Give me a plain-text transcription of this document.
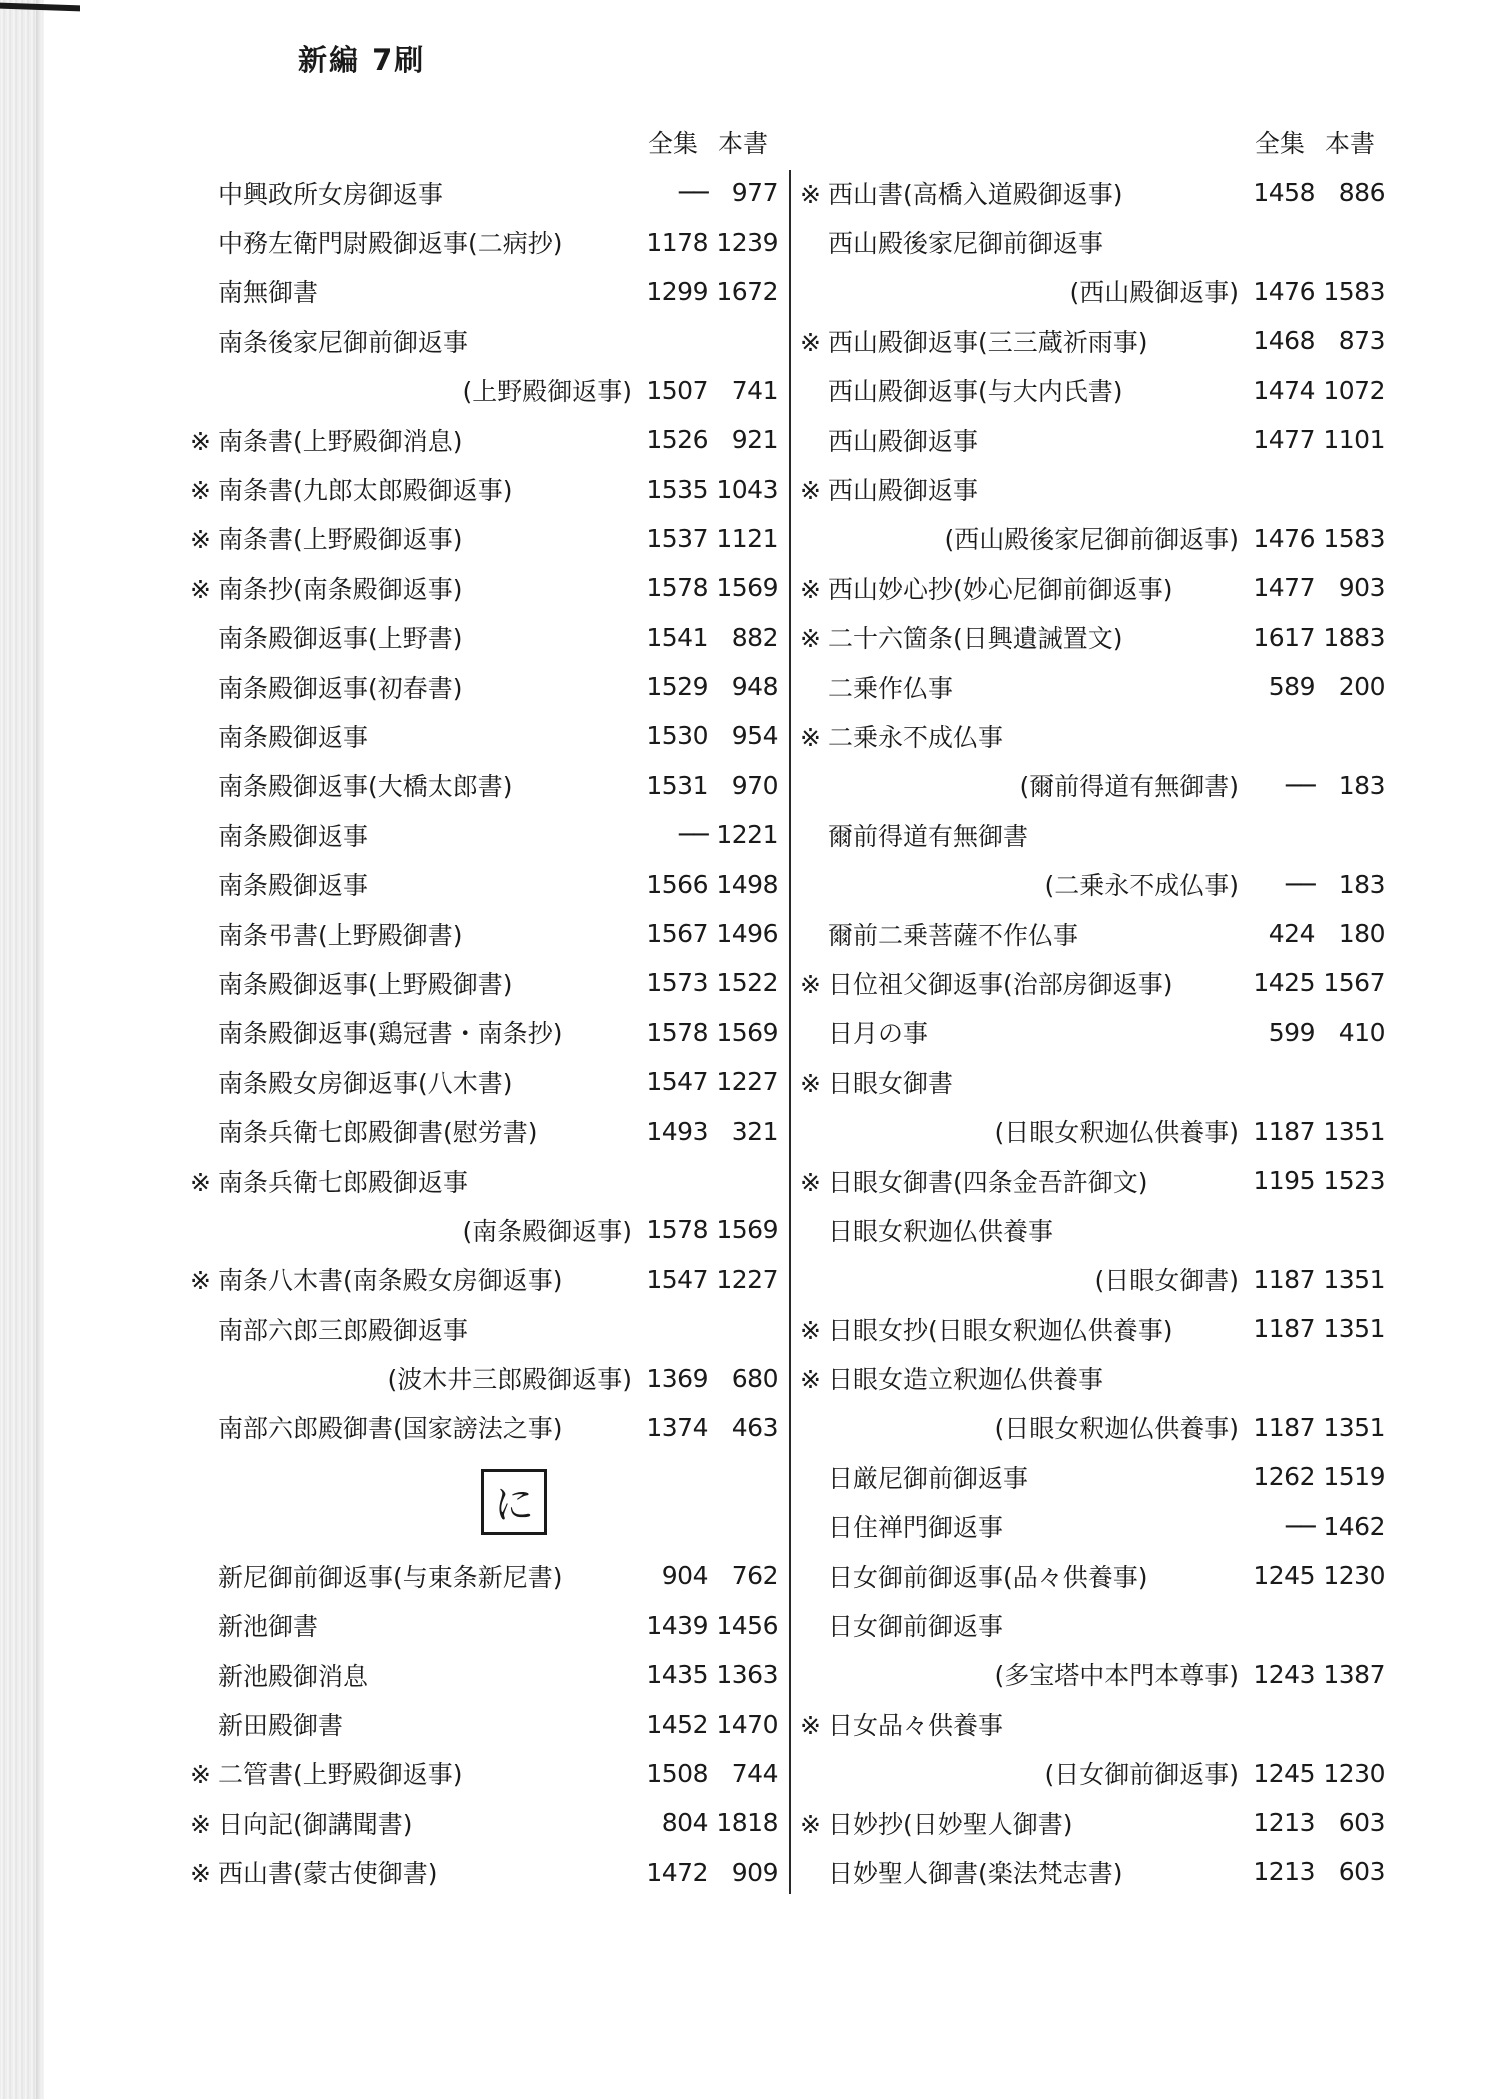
新編 7刷
全集 本書
中興政所女房御返事	── 977
中務左衛門尉殿御返事(二病抄)	1178 1239
南無御書	1299 1672
南条後家尼御前御返事
(上野殿御返事) 1507 741
※ 南条書(上野殿御消息)	1526 921
※ 南条書(九郎太郎殿御返事)	1535 1043
※ 南条書(上野殿御返事)	1537 1121
※ 南条抄(南条殿御返事)	1578 1569
南条殿御返事(上野書)	1541 882
南条殿御返事(初春書)	1529 948
南条殿御返事	1530 954
南条殿御返事(大橋太郎書)	1531 970
南条殿御返事	── 1221
南条殿御返事	1566 1498
南条弔書(上野殿御書)	1567 1496
南条殿御返事(上野殿御書)	1573 1522
南条殿御返事(鶏冠書・南条抄)	1578 1569
南条殿女房御返事(八木書)	1547 1227
南条兵衛七郎殿御書(慰労書)	1493 321
※ 南条兵衛七郎殿御返事
(南条殿御返事) 1578 1569
※ 南条八木書(南条殿女房御返事)	1547 1227
南部六郎三郎殿御返事
(波木井三郎殿御返事) 1369 680
南部六郎殿御書(国家謗法之事)	1374 463
に
新尼御前御返事(与東条新尼書)	904 762
新池御書	1439 1456
新池殿御消息	1435 1363
新田殿御書	1452 1470
※ 二管書(上野殿御返事)	1508 744
※ 日向記(御講聞書)	804 1818
※ 西山書(蒙古使御書)	1472 909
全集 本書
※ 西山書(高橋入道殿御返事)	1458 886
西山殿後家尼御前御返事
(西山殿御返事) 1476 1583
※ 西山殿御返事(三三蔵祈雨事)	1468 873
西山殿御返事(与大内氏書)	1474 1072
西山殿御返事	1477 1101
※ 西山殿御返事
(西山殿後家尼御前御返事) 1476 1583
※ 西山妙心抄(妙心尼御前御返事)	1477 903
※ 二十六箇条(日興遺誡置文)	1617 1883
二乗作仏事	589 200
※ 二乗永不成仏事
(爾前得道有無御書)	── 183
爾前得道有無御書
(二乗永不成仏事)	── 183
爾前二乗菩薩不作仏事	424 180
※ 日位祖父御返事(治部房御返事)	1425 1567
日月の事	599 410
※ 日眼女御書
(日眼女釈迦仏供養事) 1187 1351
※ 日眼女御書(四条金吾許御文)	1195 1523
日眼女釈迦仏供養事
(日眼女御書) 1187 1351
※ 日眼女抄(日眼女釈迦仏供養事)	1187 1351
※ 日眼女造立釈迦仏供養事
(日眼女釈迦仏供養事) 1187 1351
日厳尼御前御返事	1262 1519
日住禅門御返事	── 1462
日女御前御返事(品々供養事)	1245 1230
日女御前御返事
(多宝塔中本門本尊事) 1243 1387
※ 日女品々供養事
(日女御前御返事) 1245 1230
※ 日妙抄(日妙聖人御書)	1213 603
日妙聖人御書(楽法梵志書)	1213 603
